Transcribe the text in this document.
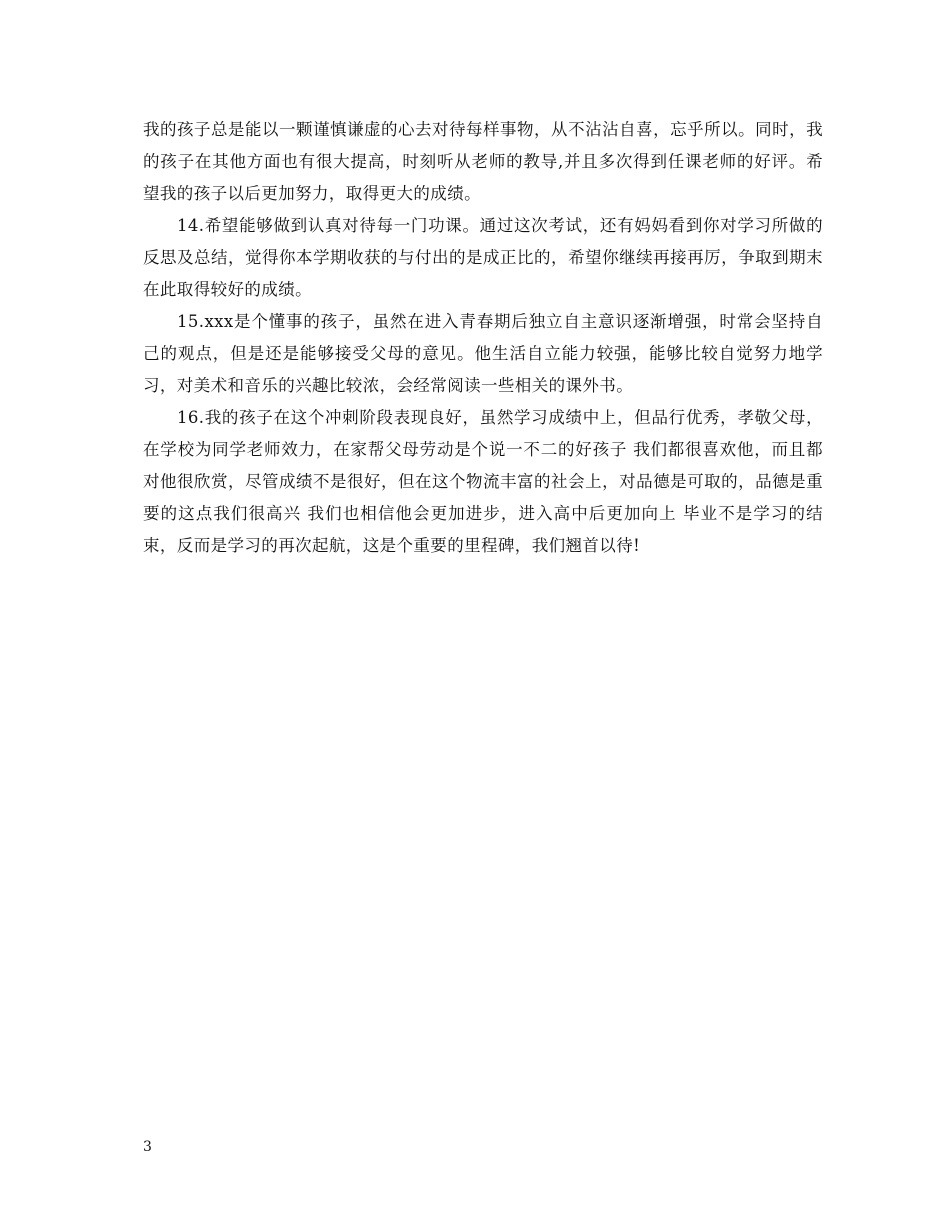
我的孩子总是能以一颗谨慎谦虚的心去对待每样事物，从不沾沾自喜，忘乎所以。同时，我的孩子在其他方面也有很大提高，时刻听从老师的教导,并且多次得到任课老师的好评。希望我的孩子以后更加努力，取得更大的成绩。

14.希望能够做到认真对待每一门功课。通过这次考试，还有妈妈看到你对学习所做的反思及总结，觉得你本学期收获的与付出的是成正比的，希望你继续再接再厉，争取到期末在此取得较好的成绩。

15.xxx是个懂事的孩子，虽然在进入青春期后独立自主意识逐渐增强，时常会坚持自己的观点，但是还是能够接受父母的意见。他生活自立能力较强，能够比较自觉努力地学习，对美术和音乐的兴趣比较浓，会经常阅读一些相关的课外书。

16.我的孩子在这个冲刺阶段表现良好，虽然学习成绩中上，但品行优秀，孝敬父母，在学校为同学老师效力，在家帮父母劳动是个说一不二的好孩子 我们都很喜欢他，而且都对他很欣赏，尽管成绩不是很好，但在这个物流丰富的社会上，对品德是可取的，品德是重要的这点我们很高兴 我们也相信他会更加进步，进入高中后更加向上 毕业不是学习的结束，反而是学习的再次起航，这是个重要的里程碑，我们翘首以待!

3
